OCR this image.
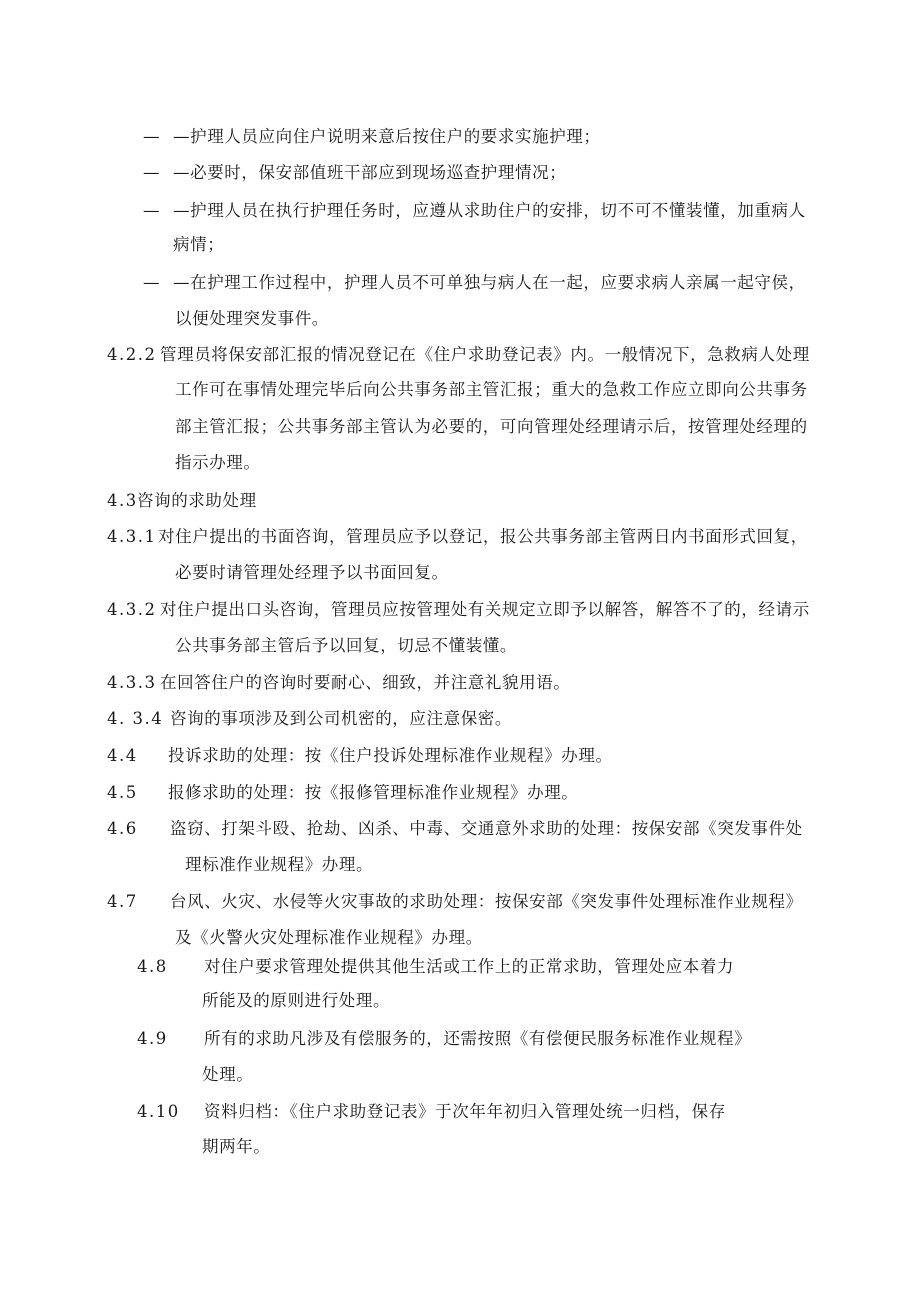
— —护理人员应向住户说明来意后按住户的要求实施护理；
— —必要时，保安部值班干部应到现场巡查护理情况；
— —护理人员在执行护理任务时，应遵从求助住户的安排，切不可不懂装懂，加重病人
病情；
— —在护理工作过程中，护理人员不可单独与病人在一起，应要求病人亲属一起守侯，
以便处理突发事件。
4.2.2 管理员将保安部汇报的情况登记在《住户求助登记表》内。一般情况下，急救病人处理
工作可在事情处理完毕后向公共事务部主管汇报；重大的急救工作应立即向公共事务
部主管汇报；公共事务部主管认为必要的，可向管理处经理请示后，按管理处经理的
指示办理。
4.3 咨询的求助处理
4.3.1 对住户提出的书面咨询，管理员应予以登记，报公共事务部主管两日内书面形式回复，
必要时请管理处经理予以书面回复。
4.3.2 对住户提出口头咨询，管理员应按管理处有关规定立即予以解答，解答不了的，经请示
公共事务部主管后予以回复，切忌不懂装懂。
4.3.3 在回答住户的咨询时要耐心、细致，并注意礼貌用语。
4. 3.4 咨询的事项涉及到公司机密的，应注意保密。
4.4 投诉求助的处理：按《住户投诉处理标准作业规程》办理。
4.5 报修求助的处理：按《报修管理标准作业规程》办理。
4.6 盗窃、打架斗殴、抢劫、凶杀、中毒、交通意外求助的处理：按保安部《突发事件处
理标准作业规程》办理。
4.7 台风、火灾、水侵等火灾事故的求助处理：按保安部《突发事件处理标准作业规程》
及《火警火灾处理标准作业规程》办理。
4.8 对住户要求管理处提供其他生活或工作上的正常求助，管理处应本着力
所能及的原则进行处理。
4.9 所有的求助凡涉及有偿服务的，还需按照《有偿便民服务标准作业规程》
处理。
4.10 资料归档：《住户求助登记表》于次年年初归入管理处统一归档，保存
期两年。
